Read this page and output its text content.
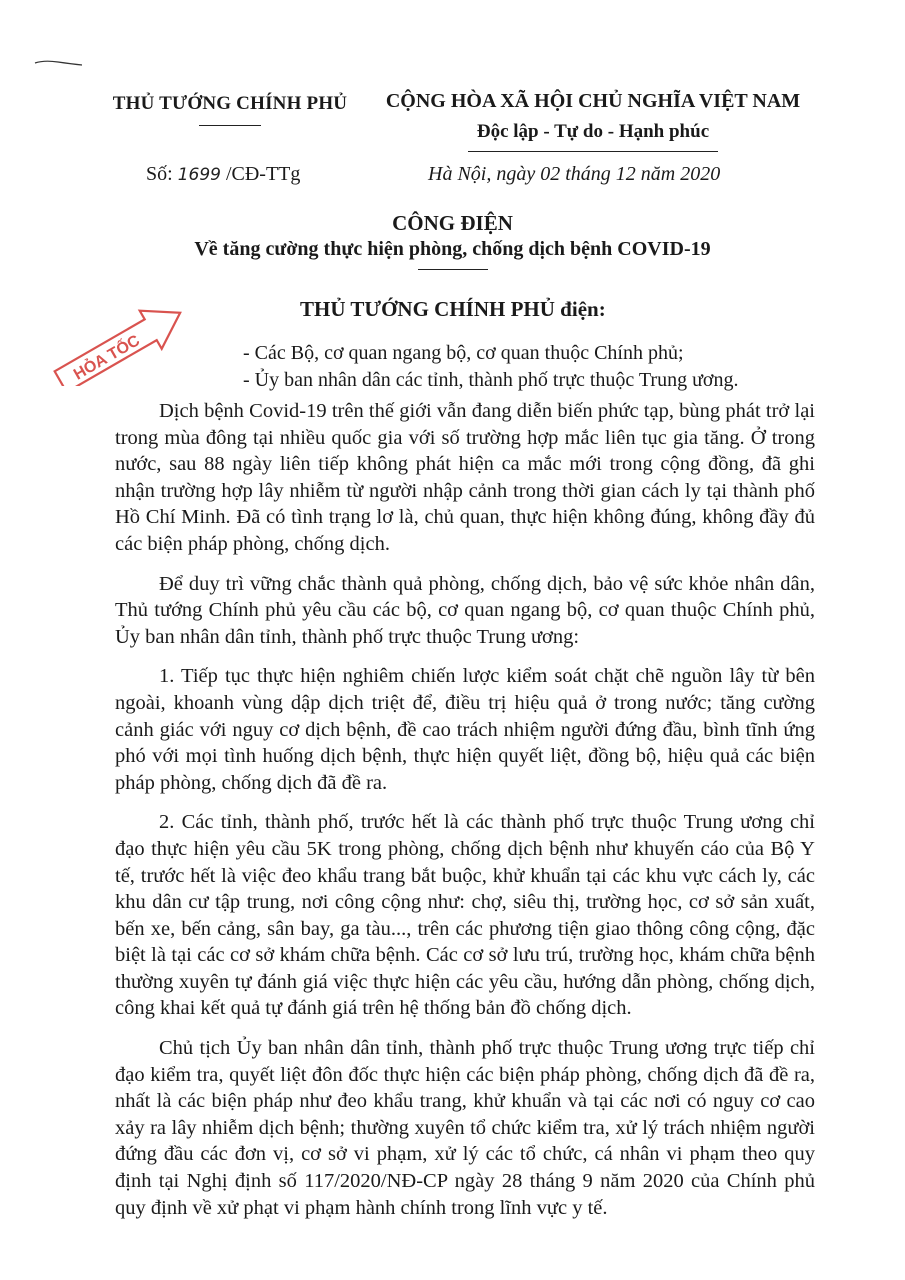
THỦ TƯỚNG CHÍNH PHỦ	CỘNG HÒA XÃ HỘI CHỦ NGHĨA VIỆT NAM
Độc lập - Tự do - Hạnh phúc
Số: 1699 /CĐ-TTg	Hà Nội, ngày 02 tháng 12 năm 2020
CÔNG ĐIỆN
Về tăng cường thực hiện phòng, chống dịch bệnh COVID-19
HỎA TỐC
THỦ TƯỚNG CHÍNH PHỦ điện:
- Các Bộ, cơ quan ngang bộ, cơ quan thuộc Chính phủ;
- Ủy ban nhân dân các tỉnh, thành phố trực thuộc Trung ương.

Dịch bệnh Covid-19 trên thế giới vẫn đang diễn biến phức tạp, bùng phát trở lại trong mùa đông tại nhiều quốc gia với số trường hợp mắc liên tục gia tăng. Ở trong nước, sau 88 ngày liên tiếp không phát hiện ca mắc mới trong cộng đồng, đã ghi nhận trường hợp lây nhiễm từ người nhập cảnh trong thời gian cách ly tại thành phố Hồ Chí Minh. Đã có tình trạng lơ là, chủ quan, thực hiện không đúng, không đầy đủ các biện pháp phòng, chống dịch.

Để duy trì vững chắc thành quả phòng, chống dịch, bảo vệ sức khỏe nhân dân, Thủ tướng Chính phủ yêu cầu các bộ, cơ quan ngang bộ, cơ quan thuộc Chính phủ, Ủy ban nhân dân tỉnh, thành phố trực thuộc Trung ương:

1. Tiếp tục thực hiện nghiêm chiến lược kiểm soát chặt chẽ nguồn lây từ bên ngoài, khoanh vùng dập dịch triệt để, điều trị hiệu quả ở trong nước; tăng cường cảnh giác với nguy cơ dịch bệnh, đề cao trách nhiệm người đứng đầu, bình tĩnh ứng phó với mọi tình huống dịch bệnh, thực hiện quyết liệt, đồng bộ, hiệu quả các biện pháp phòng, chống dịch đã đề ra.

2. Các tỉnh, thành phố, trước hết là các thành phố trực thuộc Trung ương chỉ đạo thực hiện yêu cầu 5K trong phòng, chống dịch bệnh như khuyến cáo của Bộ Y tế, trước hết là việc đeo khẩu trang bắt buộc, khử khuẩn tại các khu vực cách ly, các khu dân cư tập trung, nơi công cộng như: chợ, siêu thị, trường học, cơ sở sản xuất, bến xe, bến cảng, sân bay, ga tàu..., trên các phương tiện giao thông công cộng, đặc biệt là tại các cơ sở khám chữa bệnh. Các cơ sở lưu trú, trường học, khám chữa bệnh thường xuyên tự đánh giá việc thực hiện các yêu cầu, hướng dẫn phòng, chống dịch, công khai kết quả tự đánh giá trên hệ thống bản đồ chống dịch.

Chủ tịch Ủy ban nhân dân tỉnh, thành phố trực thuộc Trung ương trực tiếp chỉ đạo kiểm tra, quyết liệt đôn đốc thực hiện các biện pháp phòng, chống dịch đã đề ra, nhất là các biện pháp như đeo khẩu trang, khử khuẩn và tại các nơi có nguy cơ cao xảy ra lây nhiễm dịch bệnh; thường xuyên tổ chức kiểm tra, xử lý trách nhiệm người đứng đầu các đơn vị, cơ sở vi phạm, xử lý các tổ chức, cá nhân vi phạm theo quy định tại Nghị định số 117/2020/NĐ-CP ngày 28 tháng 9 năm 2020 của Chính phủ quy định về xử phạt vi phạm hành chính trong lĩnh vực y tế.
